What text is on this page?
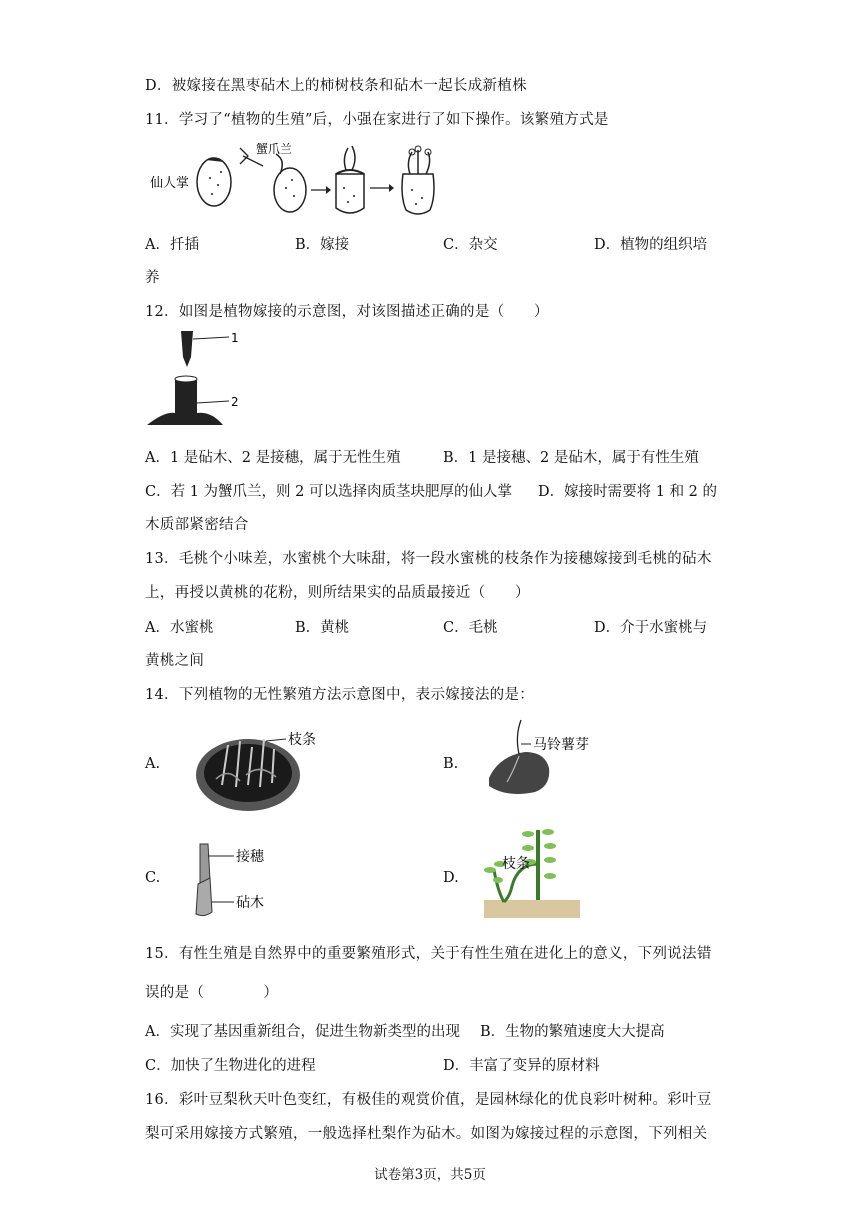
D．被嫁接在黑枣砧木上的柿树枝条和砧木一起长成新植株
11．学习了“植物的生殖”后，小强在家进行了如下操作。该繁殖方式是
仙人掌
蟹爪兰
A．扦插	B．嫁接	C．杂交	D．植物的组织培
养
12．如图是植物嫁接的示意图，对该图描述正确的是（　　）
1
2
A．1 是砧木、2 是接穗，属于无性生殖	B．1 是接穗、2 是砧木，属于有性生殖
C．若 1 为蟹爪兰，则 2 可以选择肉质茎块肥厚的仙人掌 D．嫁接时需要将 1 和 2 的
木质部紧密结合
13．毛桃个小味差，水蜜桃个大味甜，将一段水蜜桃的枝条作为接穗嫁接到毛桃的砧木
上，再授以黄桃的花粉，则所结果实的品质最接近（　　）
A．水蜜桃	B．黄桃	C．毛桃	D．介于水蜜桃与
黄桃之间
14．下列植物的无性繁殖方法示意图中，表示嫁接法的是：
A.
枝条
B.
马铃薯芽
C.
接穗
砧木
D.
枝条
15．有性生殖是自然界中的重要繁殖形式，关于有性生殖在进化上的意义，下列说法错
误的是（　　　　）
A．实现了基因重新组合，促进生物新类型的出现 B．生物的繁殖速度大大提高
C．加快了生物进化的进程	D．丰富了变异的原材料
16．彩叶豆梨秋天叶色变红，有极佳的观赏价值，是园林绿化的优良彩叶树种。彩叶豆
梨可采用嫁接方式繁殖，一般选择杜梨作为砧木。如图为嫁接过程的示意图，下列相关
试卷第3页，共5页
